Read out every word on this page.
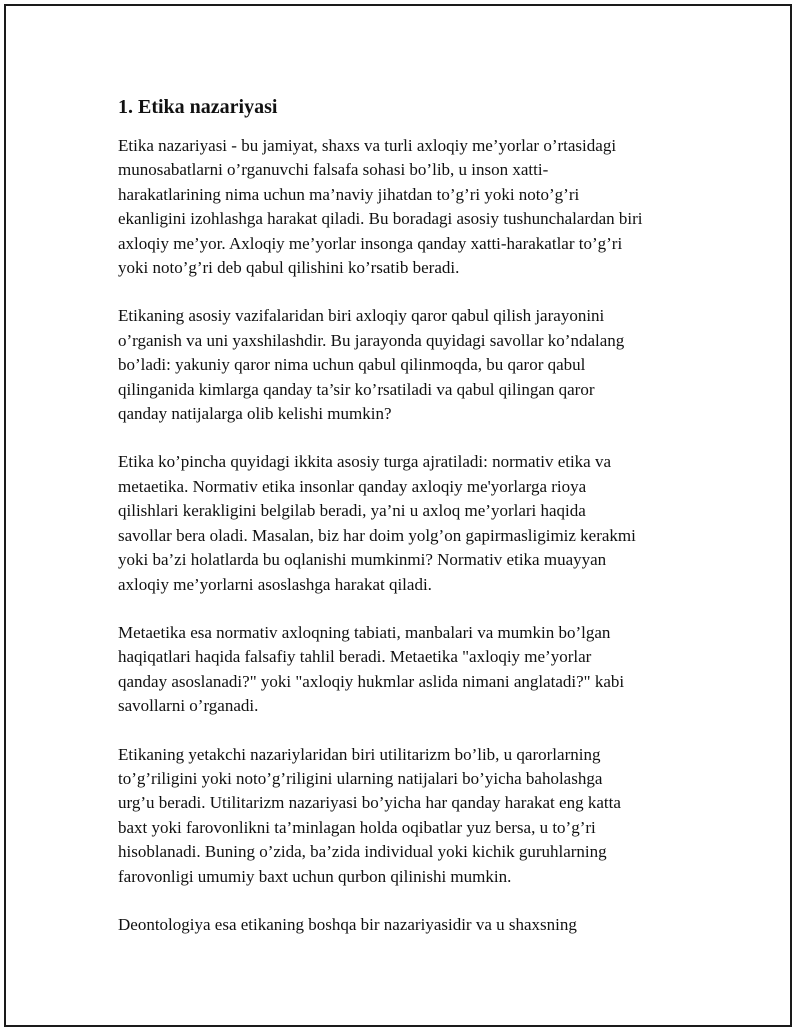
1. Etika nazariyasi

Etika nazariyasi - bu jamiyat, shaxs va turli axloqiy me’yorlar o’rtasidagi
munosabatlarni o’rganuvchi falsafa sohasi bo’lib, u inson xatti-
harakatlarining nima uchun ma’naviy jihatdan to’g’ri yoki noto’g’ri
ekanligini izohlashga harakat qiladi. Bu boradagi asosiy tushunchalardan biri
axloqiy me’yor. Axloqiy me’yorlar insonga qanday xatti-harakatlar to’g’ri
yoki noto’g’ri deb qabul qilishini ko’rsatib beradi.

Etikaning asosiy vazifalaridan biri axloqiy qaror qabul qilish jarayonini
o’rganish va uni yaxshilashdir. Bu jarayonda quyidagi savollar ko’ndalang
bo’ladi: yakuniy qaror nima uchun qabul qilinmoqda, bu qaror qabul
qilinganida kimlarga qanday ta’sir ko’rsatiladi va qabul qilingan qaror
qanday natijalarga olib kelishi mumkin?

Etika ko’pincha quyidagi ikkita asosiy turga ajratiladi: normativ etika va
metaetika. Normativ etika insonlar qanday axloqiy me'yorlarga rioya
qilishlari kerakligini belgilab beradi, ya’ni u axloq me’yorlari haqida
savollar bera oladi. Masalan, biz har doim yolg’on gapirmasligimiz kerakmi
yoki ba’zi holatlarda bu oqlanishi mumkinmi? Normativ etika muayyan
axloqiy me’yorlarni asoslashga harakat qiladi.

Metaetika esa normativ axloqning tabiati, manbalari va mumkin bo’lgan
haqiqatlari haqida falsafiy tahlil beradi. Metaetika "axloqiy me’yorlar
qanday asoslanadi?" yoki "axloqiy hukmlar aslida nimani anglatadi?" kabi
savollarni o’rganadi.

Etikaning yetakchi nazariylaridan biri utilitarizm bo’lib, u qarorlarning
to’g’riligini yoki noto’g’riligini ularning natijalari bo’yicha baholashga
urg’u beradi. Utilitarizm nazariyasi bo’yicha har qanday harakat eng katta
baxt yoki farovonlikni ta’minlagan holda oqibatlar yuz bersa, u to’g’ri
hisoblanadi. Buning o’zida, ba’zida individual yoki kichik guruhlarning
farovonligi umumiy baxt uchun qurbon qilinishi mumkin.

Deontologiya esa etikaning boshqa bir nazariyasidir va u shaxsning
